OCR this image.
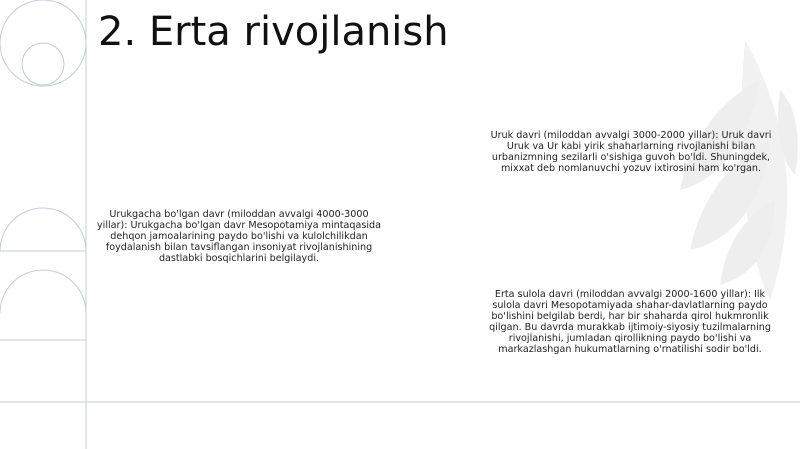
2. Erta rivojlanish

Urukgacha bo'lgan davr (miloddan avvalgi 4000-3000 yillar): Urukgacha bo'lgan davr Mesopotamiya mintaqasida dehqon jamoalarining paydo bo'lishi va kulolchilikdan foydalanish bilan tavsiflangan insoniyat rivojlanishining dastlabki bosqichlarini belgilaydi.

Uruk davri (miloddan avvalgi 3000-2000 yillar): Uruk davri Uruk va Ur kabi yirik shaharlarning rivojlanishi bilan urbanizmning sezilarli o'sishiga guvoh bo'ldi. Shuningdek, mixxat deb nomlanuvchi yozuv ixtirosini ham ko'rgan.

Erta sulola davri (miloddan avvalgi 2000-1600 yillar): Ilk sulola davri Mesopotamiyada shahar-davlatlarning paydo bo'lishini belgilab berdi, har bir shaharda qirol hukmronlik qilgan. Bu davrda murakkab ijtimoiy-siyosiy tuzilmalarning rivojlanishi, jumladan qirollikning paydo bo'lishi va markazlashgan hukumatlarning o'rnatilishi sodir bo'ldi.
